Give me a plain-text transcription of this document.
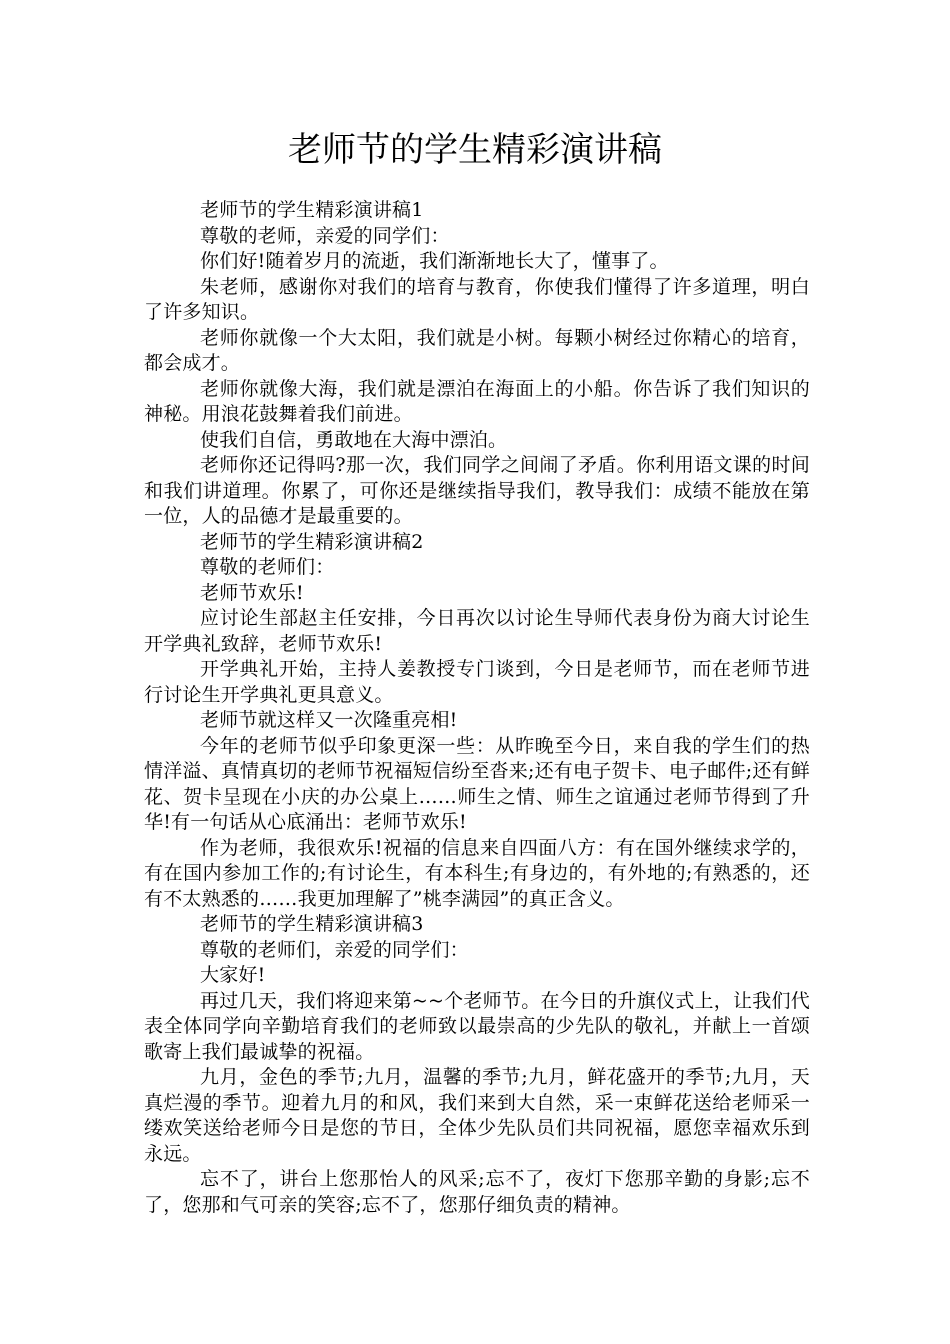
老师节的学生精彩演讲稿

老师节的学生精彩演讲稿1

尊敬的老师，亲爱的同学们：

你们好!随着岁月的流逝，我们渐渐地长大了，懂事了。

朱老师，感谢你对我们的培育与教育，你使我们懂得了许多道理，明白了许多知识。

老师你就像一个大太阳，我们就是小树。每颗小树经过你精心的培育，都会成才。

老师你就像大海，我们就是漂泊在海面上的小船。你告诉了我们知识的神秘。用浪花鼓舞着我们前进。

使我们自信，勇敢地在大海中漂泊。

老师你还记得吗?那一次，我们同学之间闹了矛盾。你利用语文课的时间和我们讲道理。你累了，可你还是继续指导我们，教导我们：成绩不能放在第一位，人的品德才是最重要的。

老师节的学生精彩演讲稿2

尊敬的老师们：

老师节欢乐!

应讨论生部赵主任安排，今日再次以讨论生导师代表身份为商大讨论生开学典礼致辞，老师节欢乐!

开学典礼开始，主持人姜教授专门谈到，今日是老师节，而在老师节进行讨论生开学典礼更具意义。

老师节就这样又一次隆重亮相!

今年的老师节似乎印象更深一些：从昨晚至今日，来自我的学生们的热情洋溢、真情真切的老师节祝福短信纷至沓来;还有电子贺卡、电子邮件;还有鲜花、贺卡呈现在小庆的办公桌上……师生之情、师生之谊通过老师节得到了升华!有一句话从心底涌出：老师节欢乐!

作为老师，我很欢乐!祝福的信息来自四面八方：有在国外继续求学的，有在国内参加工作的;有讨论生，有本科生;有身边的，有外地的;有熟悉的，还有不太熟悉的……我更加理解了”桃李满园”的真正含义。

老师节的学生精彩演讲稿3

尊敬的老师们，亲爱的同学们：

大家好!

再过几天，我们将迎来第~~个老师节。在今日的升旗仪式上，让我们代表全体同学向辛勤培育我们的老师致以最崇高的少先队的敬礼，并献上一首颂歌寄上我们最诚挚的祝福。

九月，金色的季节;九月，温馨的季节;九月，鲜花盛开的季节;九月，天真烂漫的季节。迎着九月的和风，我们来到大自然，采一束鲜花送给老师采一缕欢笑送给老师今日是您的节日，全体少先队员们共同祝福，愿您幸福欢乐到永远。

忘不了，讲台上您那怡人的风采;忘不了，夜灯下您那辛勤的身影;忘不了，您那和气可亲的笑容;忘不了，您那仔细负责的精神。
